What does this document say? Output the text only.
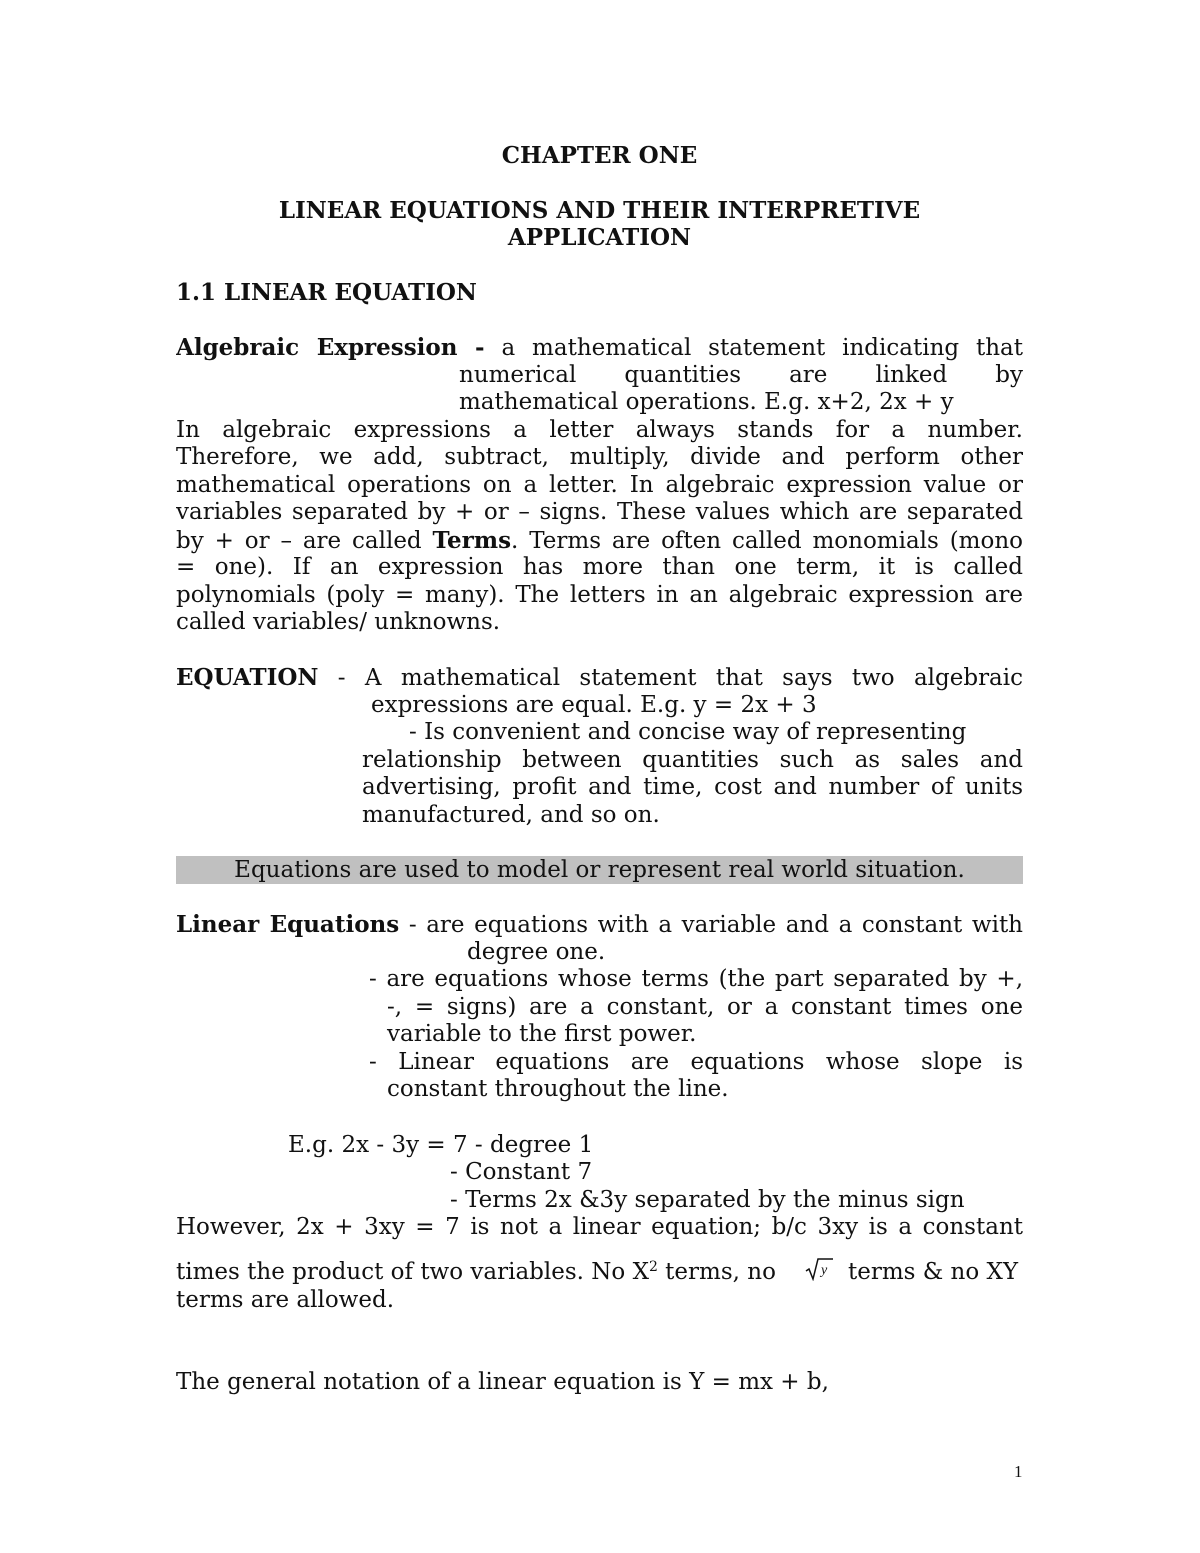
CHAPTER ONE
LINEAR EQUATIONS AND THEIR INTERPRETIVE
APPLICATION
1.1 LINEAR EQUATION
Algebraic Expression - a mathematical statement indicating that
numerical quantities are linked by
mathematical operations. E.g. x+2, 2x + y
In algebraic expressions a letter always stands for a number.
Therefore, we add, subtract, multiply, divide and perform other
mathematical operations on a letter. In algebraic expression value or
variables separated by + or – signs. These values which are separated
by + or – are called Terms. Terms are often called monomials (mono
= one). If an expression has more than one term, it is called
polynomials (poly = many). The letters in an algebraic expression are
called variables/ unknowns.
EQUATION - A mathematical statement that says two algebraic
expressions are equal. E.g. y = 2x + 3
- Is convenient and concise way of representing
relationship between quantities such as sales and
advertising, profit and time, cost and number of units
manufactured, and so on.
Equations are used to model or represent real world situation.
Linear Equations - are equations with a variable and a constant with
degree one.
- are equations whose terms (the part separated by +,
-, = signs) are a constant, or a constant times one
variable to the first power.
- Linear equations are equations whose slope is
constant throughout the line.
E.g. 2x - 3y = 7 - degree 1
- Constant 7
- Terms 2x &3y separated by the minus sign
However, 2x + 3xy = 7 is not a linear equation; b/c 3xy is a constant
times the product of two variables. No $X^2$ terms, no	y terms & no XY
terms are allowed.
The general notation of a linear equation is Y = mx + b,
1
